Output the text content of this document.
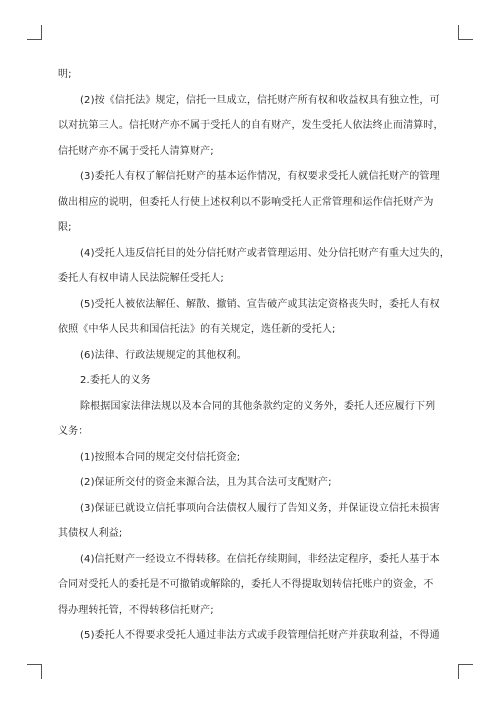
明;

(2)按《信托法》规定，信托一旦成立，信托财产所有权和收益权具有独立性，可

以对抗第三人。信托财产亦不属于受托人的自有财产，发生受托人依法终止而清算时，

信托财产亦不属于受托人清算财产;

(3)委托人有权了解信托财产的基本运作情况，有权要求受托人就信托财产的管理

做出相应的说明，但委托人行使上述权利以不影响受托人正常管理和运作信托财产为

限;

(4)受托人违反信托目的处分信托财产或者管理运用、处分信托财产有重大过失的，

委托人有权申请人民法院解任受托人;

(5)受托人被依法解任、解散、撤销、宣告破产或其法定资格丧失时，委托人有权

依照《中华人民共和国信托法》的有关规定，选任新的受托人;

(6)法律、行政法规规定的其他权利。

2.委托人的义务

除根据国家法律法规以及本合同的其他条款约定的义务外，委托人还应履行下列

义务：

(1)按照本合同的规定交付信托资金;

(2)保证所交付的资金来源合法，且为其合法可支配财产;

(3)保证已就设立信托事项向合法债权人履行了告知义务，并保证设立信托未损害

其债权人利益;

(4)信托财产一经设立不得转移。在信托存续期间，非经法定程序，委托人基于本

合同对受托人的委托是不可撤销或解除的，委托人不得提取划转信托账户的资金，不

得办理转托管，不得转移信托财产;

(5)委托人不得要求受托人通过非法方式或手段管理信托财产并获取利益，不得通
